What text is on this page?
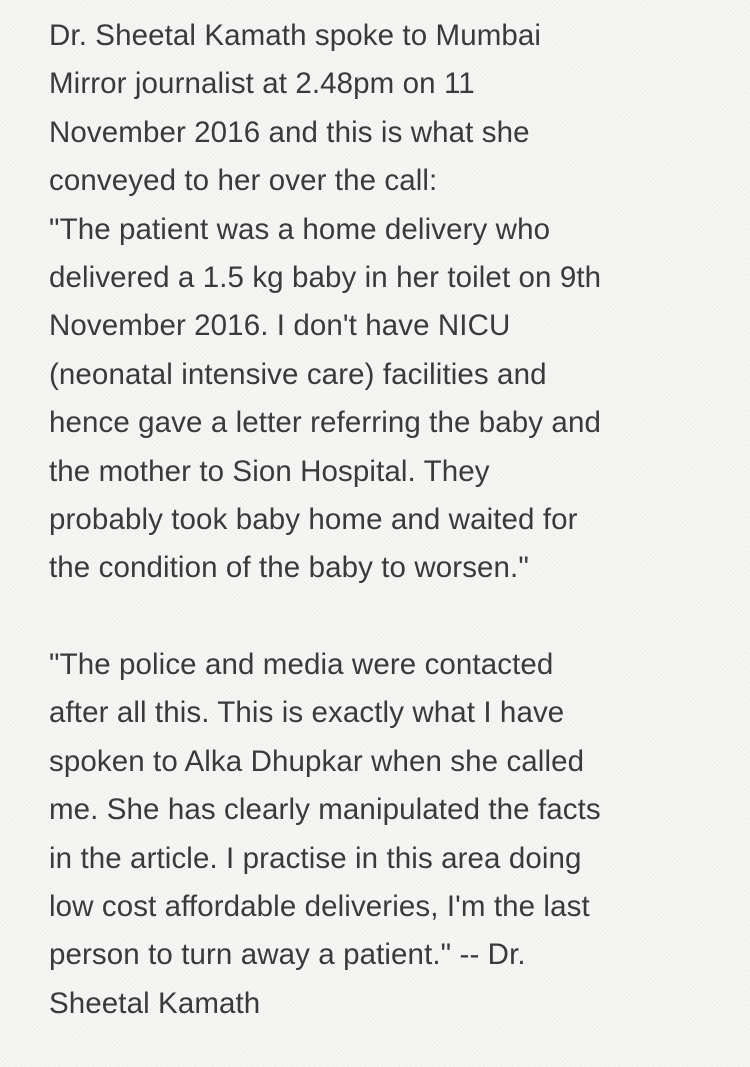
Dr. Sheetal Kamath spoke to Mumbai
Mirror journalist at 2.48pm on 11
November 2016 and this is what she
conveyed to her over the call:
"The patient was a home delivery who
delivered a 1.5 kg baby in her toilet on 9th
November 2016. I don't have NICU
(neonatal intensive care) facilities and
hence gave a letter referring the baby and
the mother to Sion Hospital. They
probably took baby home and waited for
the condition of the baby to worsen."
"The police and media were contacted
after all this. This is exactly what I have
spoken to Alka Dhupkar when she called
me. She has clearly manipulated the facts
in the article. I practise in this area doing
low cost affordable deliveries, I'm the last
person to turn away a patient." -- Dr.
Sheetal Kamath
